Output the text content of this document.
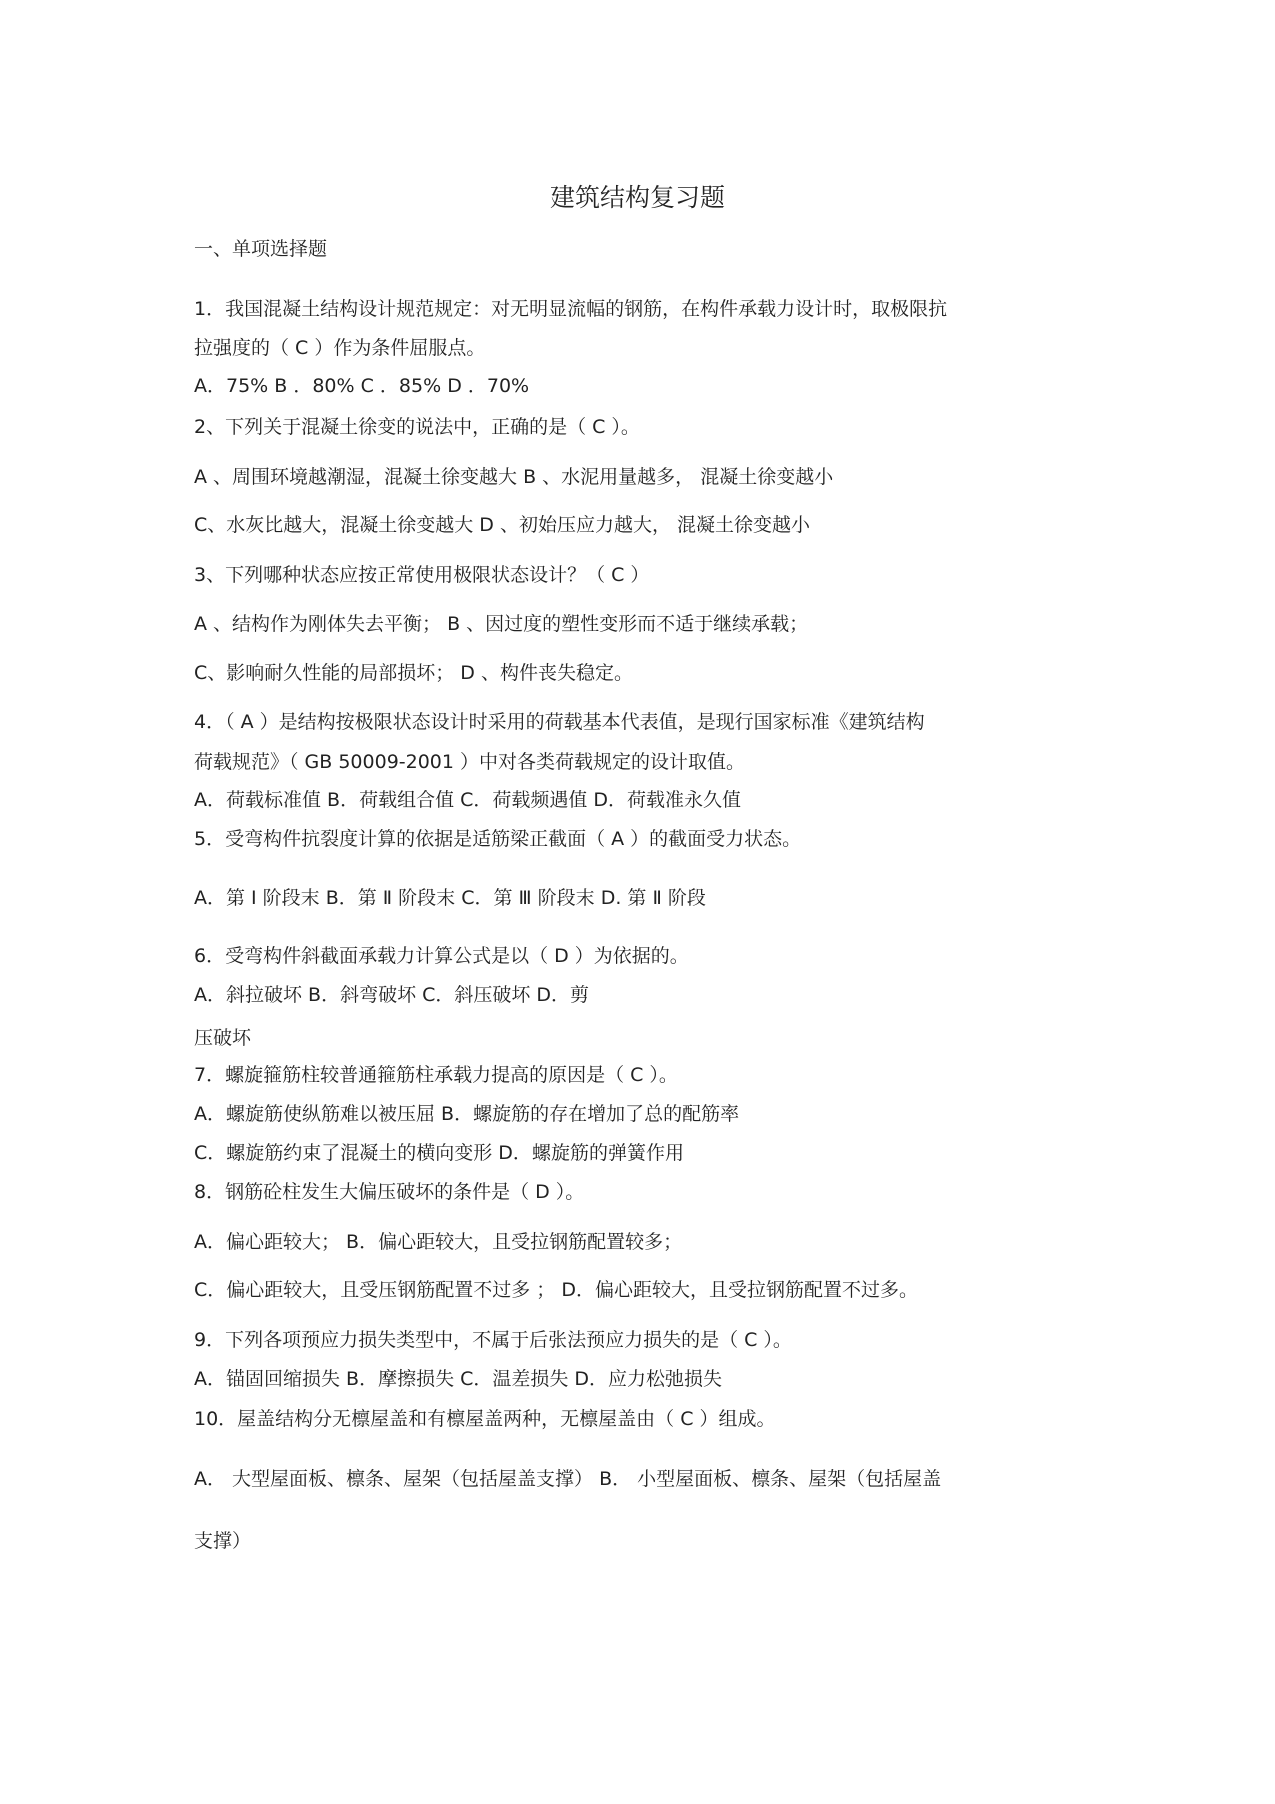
建筑结构复习题
一、单项选择题
1．我国混凝土结构设计规范规定：对无明显流幅的钢筋，在构件承载力设计时，取极限抗
拉强度的（ C ）作为条件屈服点。
A．75% B ．80% C ．85% D ．70%
2、下列关于混凝土徐变的说法中，正确的是（ C ）。
A 、周围环境越潮湿，混凝土徐变越大 B 、水泥用量越多， 混凝土徐变越小
C、水灰比越大，混凝土徐变越大 D 、初始压应力越大， 混凝土徐变越小
3、下列哪种状态应按正常使用极限状态设计？（ C ）
A 、结构作为刚体失去平衡； B 、因过度的塑性变形而不适于继续承载；
C、影响耐久性能的局部损坏； D 、构件丧失稳定。
4．（ A ）是结构按极限状态设计时采用的荷载基本代表值，是现行国家标准《建筑结构
荷载规范》（ GB 50009-2001 ）中对各类荷载规定的设计取值。
A．荷载标准值 B．荷载组合值 C．荷载频遇值 D．荷载准永久值
5．受弯构件抗裂度计算的依据是适筋梁正截面（ A ）的截面受力状态。
A．第 Ⅰ 阶段末 B．第 Ⅱ 阶段末 C．第 Ⅲ 阶段末 D. 第 Ⅱ 阶段
6．受弯构件斜截面承载力计算公式是以（ D ）为依据的。
A．斜拉破坏 B．斜弯破坏 C．斜压破坏 D．剪
压破坏
7．螺旋箍筋柱较普通箍筋柱承载力提高的原因是（ C ）。
A．螺旋筋使纵筋难以被压屈 B．螺旋筋的存在增加了总的配筋率
C．螺旋筋约束了混凝土的横向变形 D．螺旋筋的弹簧作用
8．钢筋砼柱发生大偏压破坏的条件是（ D ）。
A．偏心距较大； B．偏心距较大，且受拉钢筋配置较多；
C．偏心距较大，且受压钢筋配置不过多 ； D．偏心距较大，且受拉钢筋配置不过多。
9．下列各项预应力损失类型中，不属于后张法预应力损失的是（ C ）。
A．锚固回缩损失 B．摩擦损失 C．温差损失 D．应力松弛损失
10．屋盖结构分无檩屋盖和有檩屋盖两种，无檩屋盖由（ C ）组成。
A． 大型屋面板、檩条、屋架（包括屋盖支撑） B． 小型屋面板、檩条、屋架（包括屋盖
支撑）
